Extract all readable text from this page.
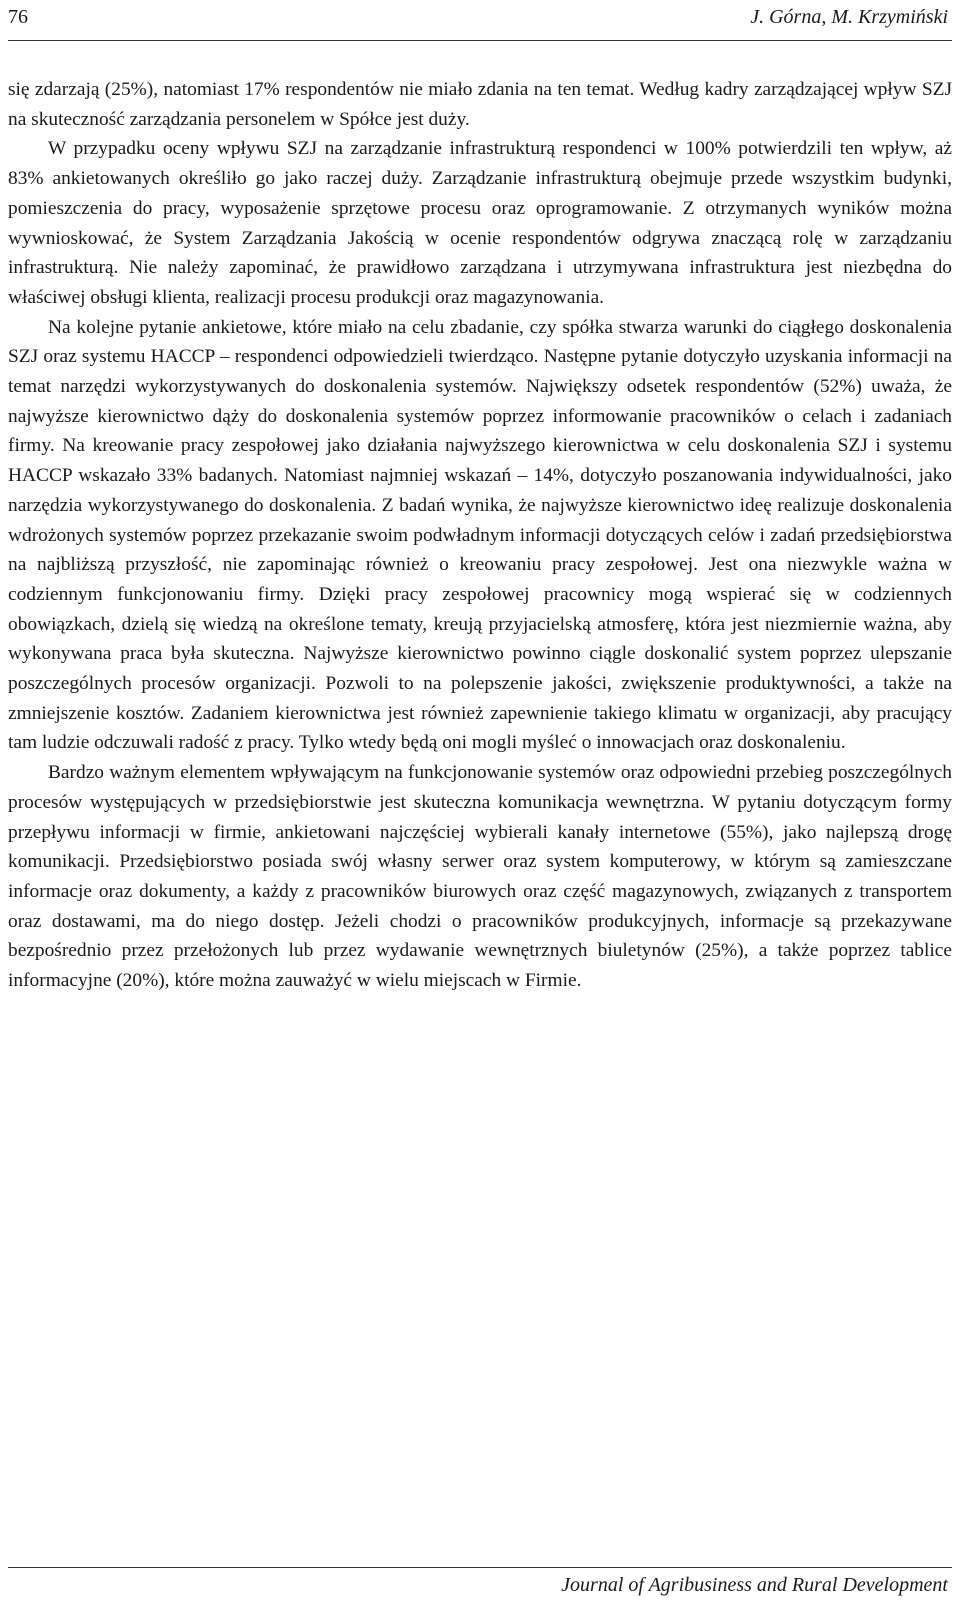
76	J. Górna, M. Krzymiński

się zdarzają (25%), natomiast 17% respondentów nie miało zdania na ten temat. Według kadry zarządzającej wpływ SZJ na skuteczność zarządzania personelem w Spółce jest duży.

W przypadku oceny wpływu SZJ na zarządzanie infrastrukturą respondenci w 100% potwierdzili ten wpływ, aż 83% ankietowanych określiło go jako raczej duży. Zarządzanie infrastrukturą obejmuje przede wszystkim budynki, pomieszczenia do pracy, wyposażenie sprzętowe procesu oraz oprogramowanie. Z otrzymanych wyników można wywnioskować, że System Zarządzania Jakością w ocenie respondentów odgrywa znaczącą rolę w zarządzaniu infrastrukturą. Nie należy zapominać, że prawidłowo zarządzana i utrzymywana infrastruktura jest niezbędna do właściwej obsługi klienta, realizacji procesu produkcji oraz magazynowania.

Na kolejne pytanie ankietowe, które miało na celu zbadanie, czy spółka stwarza warunki do ciągłego doskonalenia SZJ oraz systemu HACCP – respondenci odpowiedzieli twierdząco. Następne pytanie dotyczyło uzyskania informacji na temat narzędzi wykorzystywanych do doskonalenia systemów. Największy odsetek respondentów (52%) uważa, że najwyższe kierownictwo dąży do doskonalenia systemów poprzez informowanie pracowników o celach i zadaniach firmy. Na kreowanie pracy zespołowej jako działania najwyższego kierownictwa w celu doskonalenia SZJ i systemu HACCP wskazało 33% badanych. Natomiast najmniej wskazań – 14%, dotyczyło poszanowania indywidualności, jako narzędzia wykorzystywanego do doskonalenia. Z badań wynika, że najwyższe kierownictwo ideę realizuje doskonalenia wdrożonych systemów poprzez przekazanie swoim podwładnym informacji dotyczących celów i zadań przedsiębiorstwa na najbliższą przyszłość, nie zapominając również o kreowaniu pracy zespołowej. Jest ona niezwykle ważna w codziennym funkcjonowaniu firmy. Dzięki pracy zespołowej pracownicy mogą wspierać się w codziennych obowiązkach, dzielą się wiedzą na określone tematy, kreują przyjacielską atmosferę, która jest niezmiernie ważna, aby wykonywana praca była skuteczna. Najwyższe kierownictwo powinno ciągle doskonalić system poprzez ulepszanie poszczególnych procesów organizacji. Pozwoli to na polepszenie jakości, zwiększenie produktywności, a także na zmniejszenie kosztów. Zadaniem kierownictwa jest również zapewnienie takiego klimatu w organizacji, aby pracujący tam ludzie odczuwali radość z pracy. Tylko wtedy będą oni mogli myśleć o innowacjach oraz doskonaleniu.

Bardzo ważnym elementem wpływającym na funkcjonowanie systemów oraz odpowiedni przebieg poszczególnych procesów występujących w przedsiębiorstwie jest skuteczna komunikacja wewnętrzna. W pytaniu dotyczącym formy przepływu informacji w firmie, ankietowani najczęściej wybierali kanały internetowe (55%), jako najlepszą drogę komunikacji. Przedsiębiorstwo posiada swój własny serwer oraz system komputerowy, w którym są zamieszczane informacje oraz dokumenty, a każdy z pracowników biurowych oraz część magazynowych, związanych z transportem oraz dostawami, ma do niego dostęp. Jeżeli chodzi o pracowników produkcyjnych, informacje są przekazywane bezpośrednio przez przełożonych lub przez wydawanie wewnętrznych biuletynów (25%), a także poprzez tablice informacyjne (20%), które można zauważyć w wielu miejscach w Firmie.

Journal of Agribusiness and Rural Development
